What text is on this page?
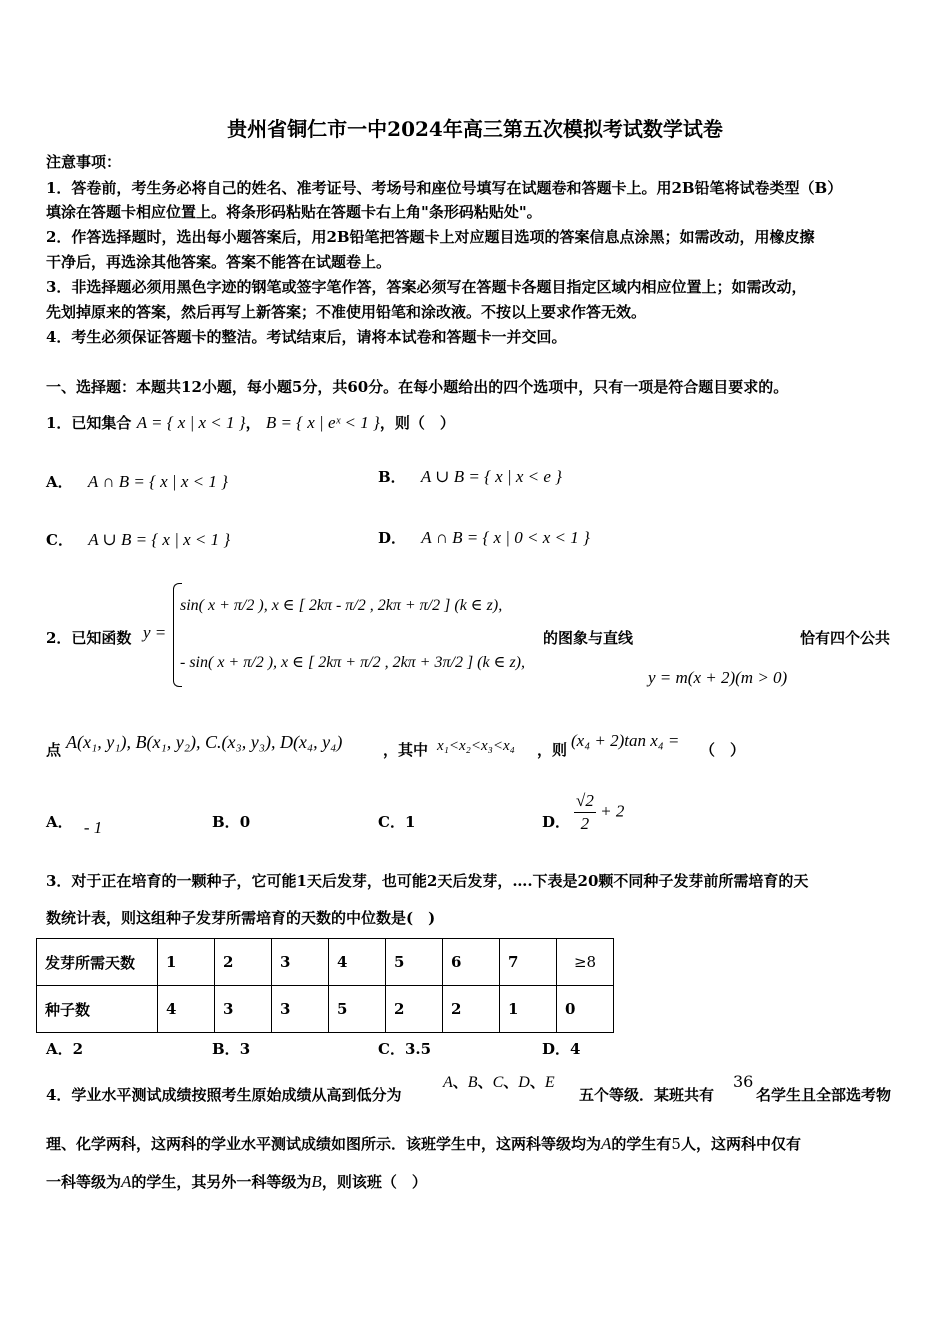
贵州省铜仁市一中2024年高三第五次模拟考试数学试卷
注意事项：
1．答卷前，考生务必将自己的姓名、准考证号、考场号和座位号填写在试题卷和答题卡上。用2B铅笔将试卷类型（B）
填涂在答题卡相应位置上。将条形码粘贴在答题卡右上角"条形码粘贴处"。
2．作答选择题时，选出每小题答案后，用2B铅笔把答题卡上对应题目选项的答案信息点涂黑；如需改动，用橡皮擦
干净后，再选涂其他答案。答案不能答在试题卷上。
3．非选择题必须用黑色字迹的钢笔或签字笔作答，答案必须写在答题卡各题目指定区域内相应位置上；如需改动，
先划掉原来的答案，然后再写上新答案；不准使用铅笔和涂改液。不按以上要求作答无效。
4．考生必须保证答题卡的整洁。考试结束后，请将本试卷和答题卡一并交回。
一、选择题：本题共12小题，每小题5分，共60分。在每小题给出的四个选项中，只有一项是符合题目要求的。
1．已知集合 A = { x | x < 1 }， B = { x | eˣ < 1 }，则（　）
A． A ∩ B = { x | x < 1 }	B． A ∪ B = { x | x < e }
C． A ∪ B = { x | x < 1 }	D． A ∩ B = { x | 0 < x < 1 }
2．已知函数 y =
sin( x + π/2 ), x ∈ [ 2kπ - π/2 , 2kπ + π/2 ] (k ∈ z),
- sin( x + π/2 ), x ∈ [ 2kπ + π/2 , 2kπ + 3π/2 ] (k ∈ z),
的图象与直线	恰有四个公共
y = m(x + 2)(m > 0)
点 A(x₁, y₁), B(x₁, y₂), C.(x₃, y₃), D(x₄, y₄)	，其中 x₁<x₂<x₃<x₄ ，则 (x₄ + 2)tan x₄ = （　）
A． - 1	B．0	C．1	D． $\frac{√2}{2} + 2$
3．对于正在培育的一颗种子，它可能1天后发芽，也可能2天后发芽，….下表是20颗不同种子发芽前所需培育的天
数统计表，则这组种子发芽所需培育的天数的中位数是(　)
发芽所需天数	1	2	3	4	5	6	7	≥8
种子数	4	3	3	5	2	2	1	0
A．2	B．3	C．3.5	D．4
4．学业水平测试成绩按照考生原始成绩从高到低分为
A、B、C、D、E
五个等级．某班共有
36
名学生且全部选考物
理、化学两科，这两科的学业水平测试成绩如图所示．该班学生中，这两科等级均为A的学生有5人，这两科中仅有
一科等级为A的学生，其另外一科等级为B，则该班（　）
